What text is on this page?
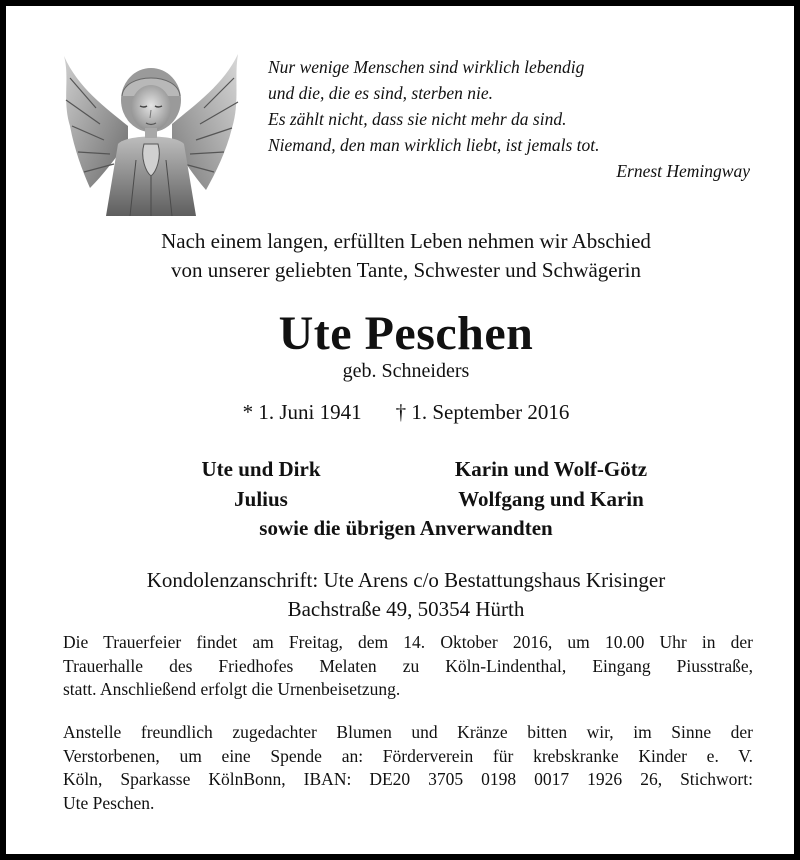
Nur wenige Menschen sind wirklich lebendig
und die, die es sind, sterben nie.
Es zählt nicht, dass sie nicht mehr da sind.
Niemand, den man wirklich liebt, ist jemals tot.
Ernest Hemingway
Nach einem langen, erfüllten Leben nehmen wir Abschied
von unserer geliebten Tante, Schwester und Schwägerin
Ute Peschen
geb. Schneiders
* 1. Juni 1941 † 1. September 2016
Ute und Dirk
Julius
Karin und Wolf-Götz
Wolfgang und Karin
sowie die übrigen Anverwandten
Kondolenzanschrift: Ute Arens c/o Bestattungshaus Krisinger
Bachstraße 49, 50354 Hürth
Die Trauerfeier findet am Freitag, dem 14. Oktober 2016, um 10.00 Uhr in der
Trauerhalle des Friedhofes Melaten zu Köln-Lindenthal, Eingang Piusstraße,
statt. Anschließend erfolgt die Urnenbeisetzung.
Anstelle freundlich zugedachter Blumen und Kränze bitten wir, im Sinne der
Verstorbenen, um eine Spende an: Förderverein für krebskranke Kinder e. V.
Köln, Sparkasse KölnBonn, IBAN: DE20 3705 0198 0017 1926 26, Stichwort:
Ute Peschen.
